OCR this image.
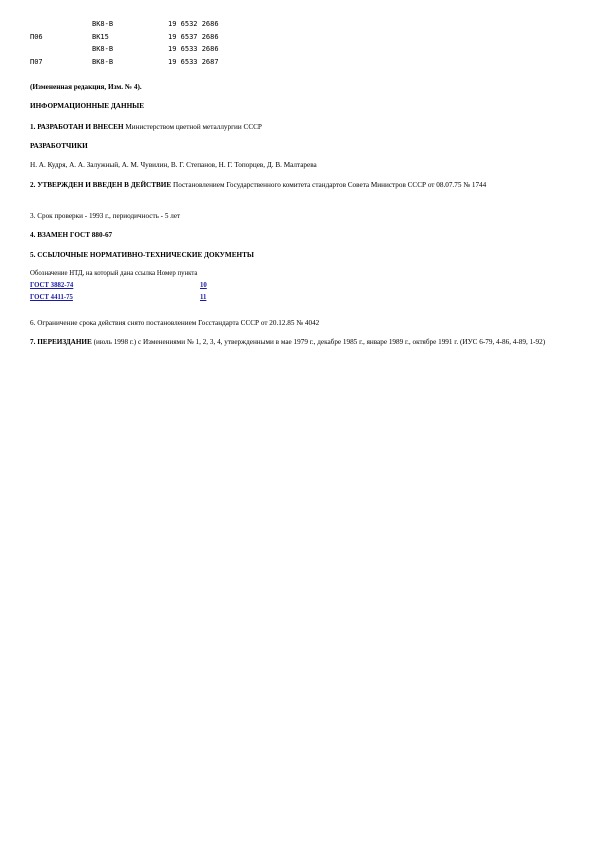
	ВК8-В	19 6532 2686
П06	ВК15	19 6537 2686
	ВК8-В	19 6533 2686
П07	ВК8-В	19 6533 2687
(Измененная редакция, Изм. № 4).
ИНФОРМАЦИОННЫЕ ДАННЫЕ
1. РАЗРАБОТАН И ВНЕСЕН Министерством цветной металлургии СССР
РАЗРАБОТЧИКИ
Н. А. Кудря, А. А. Залужный, А. М. Чувилин, В. Г. Степанов, Н. Г. Топорцев, Д. В. Малтарева
2. УТВЕРЖДЕН И ВВЕДЕН В ДЕЙСТВИЕ Постановлением Государственного комитета стандартов Совета Министров СССР от 08.07.75 № 1744
3. Срок проверки - 1993 г., периодичность - 5 лет
4. ВЗАМЕН ГОСТ 880-67
5. ССЫЛОЧНЫЕ НОРМАТИВНО-ТЕХНИЧЕСКИЕ ДОКУМЕНТЫ
Обозначение НТД, на который дана ссылка Номер пункта	
ГОСТ 3882-74	10
ГОСТ 4411-75	11
6. Ограничение срока действия снято постановлением Госстандарта СССР от 20.12.85 № 4042
7. ПЕРЕИЗДАНИЕ (июль 1998 г.) с Изменениями № 1, 2, 3, 4, утвержденными в мае 1979 г., декабре 1985 г., январе 1989 г., октябре 1991 г. (ИУС 6-79, 4-86, 4-89, 1-92)
